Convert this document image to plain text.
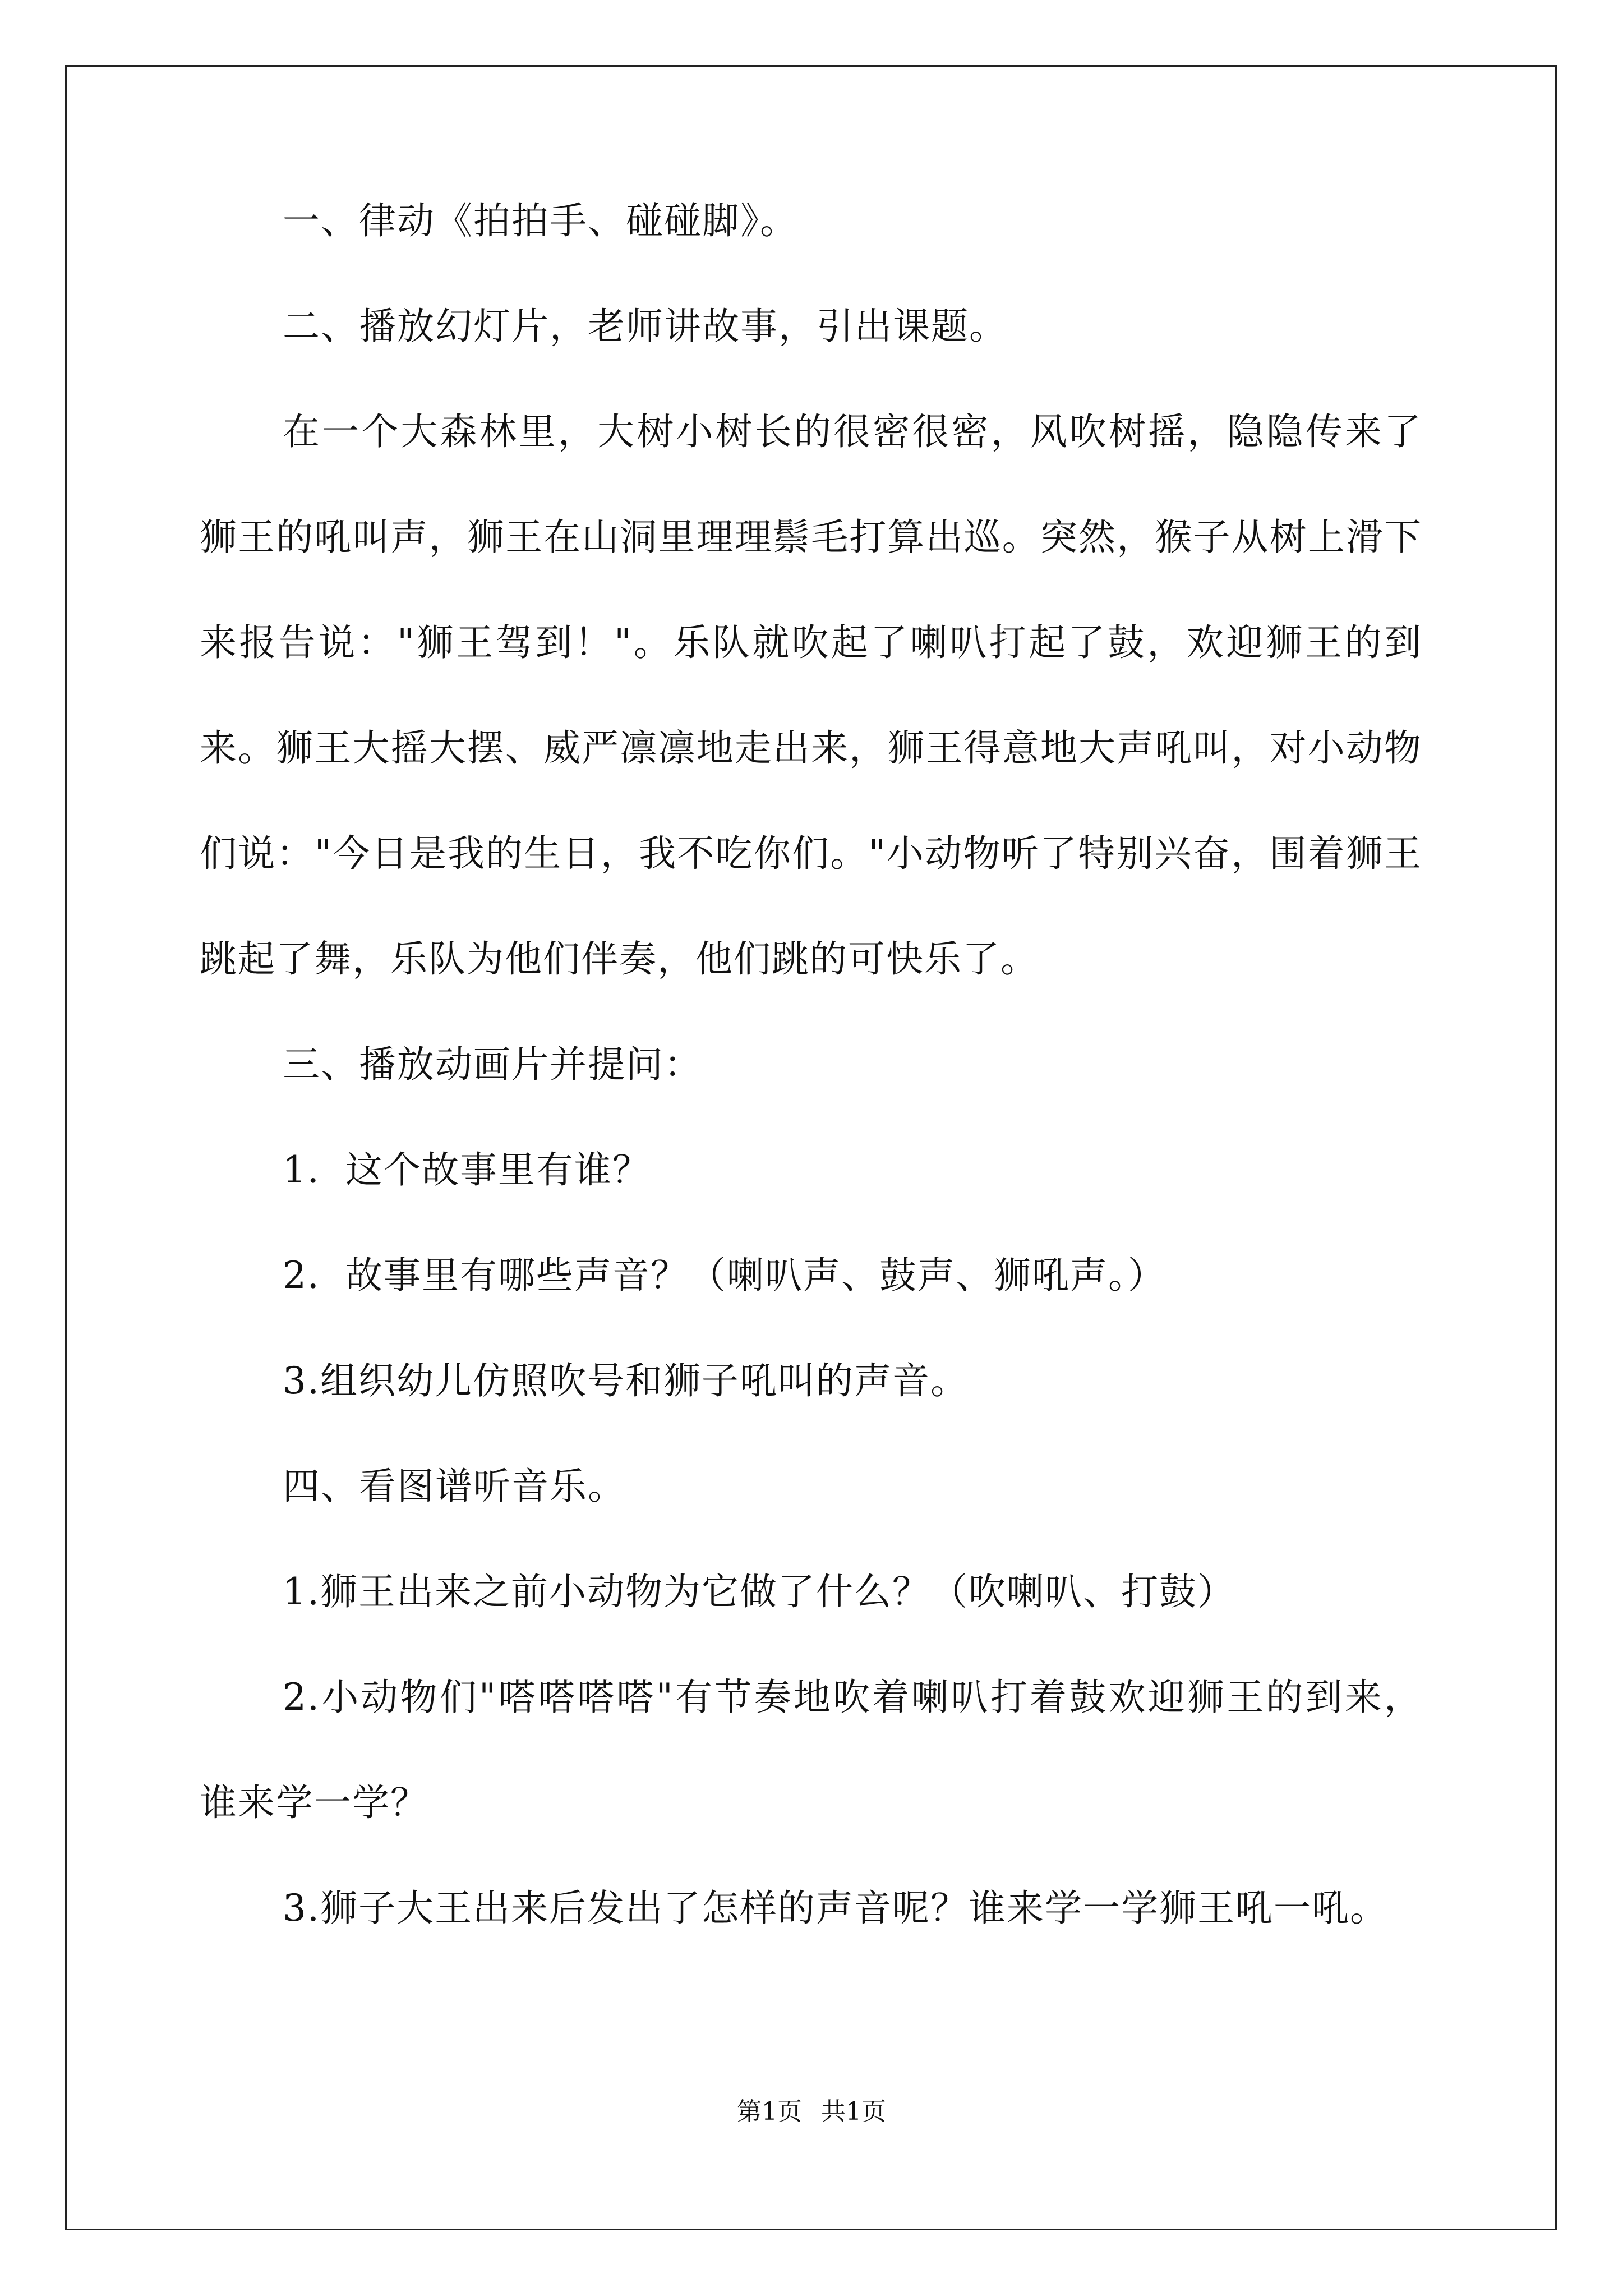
一、律动《拍拍手、碰碰脚》。

二、播放幻灯片，老师讲故事，引出课题。

在一个大森林里，大树小树长的很密很密，风吹树摇，隐隐传来了狮王的吼叫声，狮王在山洞里理理鬃毛打算出巡。突然，猴子从树上滑下来报告说："狮王驾到！"。乐队就吹起了喇叭打起了鼓，欢迎狮王的到来。狮王大摇大摆、威严凛凛地走出来，狮王得意地大声吼叫，对小动物们说："今日是我的生日，我不吃你们。"小动物听了特别兴奋，围着狮王跳起了舞，乐队为他们伴奏，他们跳的可快乐了。

三、播放动画片并提问：

1．这个故事里有谁？

2．故事里有哪些声音？（喇叭声、鼓声、狮吼声。）

3.组织幼儿仿照吹号和狮子吼叫的声音。

四、看图谱听音乐。

1.狮王出来之前小动物为它做了什么？（吹喇叭、打鼓）

2.小动物们"嗒嗒嗒嗒"有节奏地吹着喇叭打着鼓欢迎狮王的到来，谁来学一学？

3.狮子大王出来后发出了怎样的声音呢？谁来学一学狮王吼一吼。

第1页 共1页
